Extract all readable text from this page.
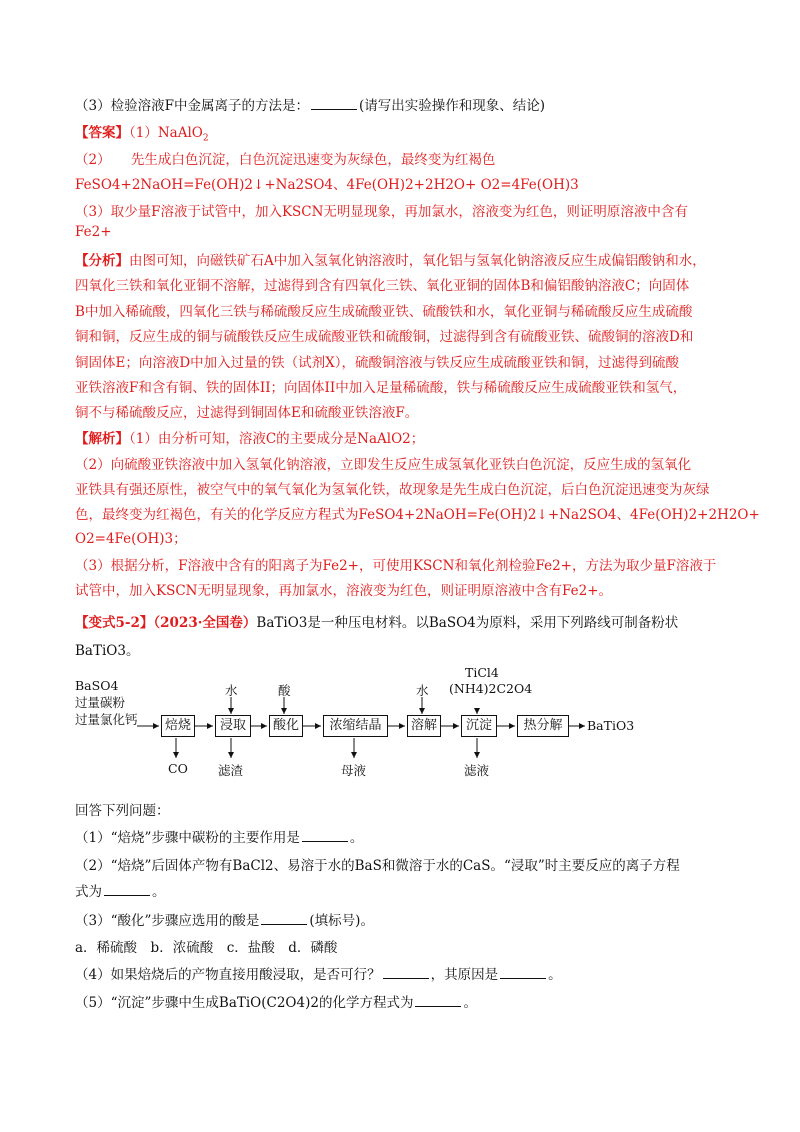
（3）检验溶液F中金属离子的方法是：	(请写出实验操作和现象、结论)
【答案】（1）NaAlO$_2$
（2）　　先生成白色沉淀，白色沉淀迅速变为灰绿色，最终变为红褐色
FeSO4+2NaOH=Fe(OH)2↓+Na2SO4、4Fe(OH)2+2H2O+ O2=4Fe(OH)3
（3）取少量F溶液于试管中，加入KSCN无明显现象，再加氯水，溶液变为红色，则证明原溶液中含有
Fe2+
【分析】由图可知，向磁铁矿石A中加入氢氧化钠溶液时，氧化铝与氢氧化钠溶液反应生成偏铝酸钠和水，
四氧化三铁和氧化亚铜不溶解，过滤得到含有四氧化三铁、氧化亚铜的固体B和偏铝酸钠溶液C；向固体
B中加入稀硫酸，四氧化三铁与稀硫酸反应生成硫酸亚铁、硫酸铁和水，氧化亚铜与稀硫酸反应生成硫酸
铜和铜，反应生成的铜与硫酸铁反应生成硫酸亚铁和硫酸铜，过滤得到含有硫酸亚铁、硫酸铜的溶液D和
铜固体E；向溶液D中加入过量的铁（试剂X），硫酸铜溶液与铁反应生成硫酸亚铁和铜，过滤得到硫酸
亚铁溶液F和含有铜、铁的固体II；向固体II中加入足量稀硫酸，铁与稀硫酸反应生成硫酸亚铁和氢气，
铜不与稀硫酸反应，过滤得到铜固体E和硫酸亚铁溶液F。
【解析】（1）由分析可知，溶液C的主要成分是NaAlO2；
（2）向硫酸亚铁溶液中加入氢氧化钠溶液，立即发生反应生成氢氧化亚铁白色沉淀，反应生成的氢氧化
亚铁具有强还原性，被空气中的氧气氧化为氢氧化铁，故现象是先生成白色沉淀，后白色沉淀迅速变为灰绿
色，最终变为红褐色，有关的化学反应方程式为FeSO4+2NaOH=Fe(OH)2↓+Na2SO4、4Fe(OH)2+2H2O+
O2=4Fe(OH)3；
（3）根据分析，F溶液中含有的阳离子为Fe2+，可使用KSCN和氧化剂检验Fe2+，方法为取少量F溶液于
试管中，加入KSCN无明显现象，再加氯水，溶液变为红色，则证明原溶液中含有Fe2+。
【变式5-2】（2023·全国卷）BaTiO3是一种压电材料。以BaSO4为原料，采用下列路线可制备粉状
BaTiO3。
BaSO4
过量碳粉
过量氯化钙	焙烧	浸取	酸化	浓缩结晶	溶解	沉淀	热分解	BaTiO3
水	酸	水
TiCl4
(NH4)2C2O4
CO 滤渣	母液	滤液
回答下列问题：
（1）“焙烧”步骤中碳粉的主要作用是	。
（2）“焙烧”后固体产物有BaCl2、易溶于水的BaS和微溶于水的CaS。“浸取”时主要反应的离子方程
式为	。
（3）“酸化”步骤应选用的酸是	(填标号)。
a．稀硫酸　b．浓硫酸　c．盐酸　d．磷酸
（4）如果焙烧后的产物直接用酸浸取，是否可行？	，其原因是	。
（5）“沉淀”步骤中生成BaTiO(C2O4)2的化学方程式为	。
